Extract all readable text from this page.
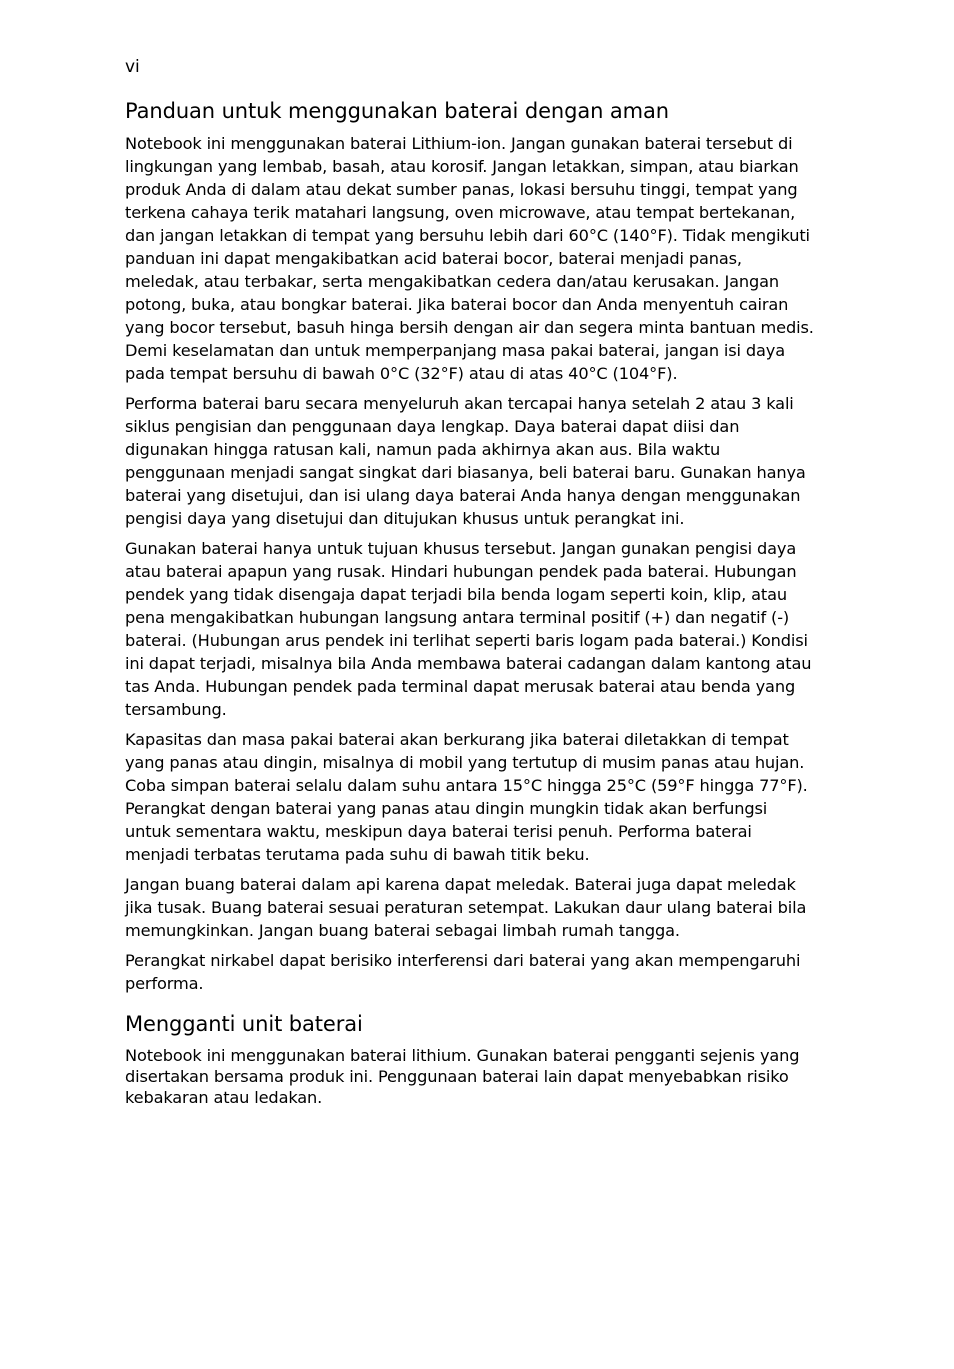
vi
Panduan untuk menggunakan baterai dengan aman

Notebook ini menggunakan baterai Lithium-ion. Jangan gunakan baterai tersebut di lingkungan yang lembab, basah, atau korosif. Jangan letakkan, simpan, atau biarkan produk Anda di dalam atau dekat sumber panas, lokasi bersuhu tinggi, tempat yang terkena cahaya terik matahari langsung, oven microwave, atau tempat bertekanan, dan jangan letakkan di tempat yang bersuhu lebih dari 60°C (140°F). Tidak mengikuti panduan ini dapat mengakibatkan acid baterai bocor, baterai menjadi panas, meledak, atau terbakar, serta mengakibatkan cedera dan/atau kerusakan. Jangan potong, buka, atau bongkar baterai. Jika baterai bocor dan Anda menyentuh cairan yang bocor tersebut, basuh hinga bersih dengan air dan segera minta bantuan medis. Demi keselamatan dan untuk memperpanjang masa pakai baterai, jangan isi daya pada tempat bersuhu di bawah 0°C (32°F) atau di atas 40°C (104°F).

Performa baterai baru secara menyeluruh akan tercapai hanya setelah 2 atau 3 kali siklus pengisian dan penggunaan daya lengkap. Daya baterai dapat diisi dan digunakan hingga ratusan kali, namun pada akhirnya akan aus. Bila waktu penggunaan menjadi sangat singkat dari biasanya, beli baterai baru. Gunakan hanya baterai yang disetujui, dan isi ulang daya baterai Anda hanya dengan menggunakan pengisi daya yang disetujui dan ditujukan khusus untuk perangkat ini.

Gunakan baterai hanya untuk tujuan khusus tersebut. Jangan gunakan pengisi daya atau baterai apapun yang rusak. Hindari hubungan pendek pada baterai. Hubungan pendek yang tidak disengaja dapat terjadi bila benda logam seperti koin, klip, atau pena mengakibatkan hubungan langsung antara terminal positif (+) dan negatif (-) baterai. (Hubungan arus pendek ini terlihat seperti baris logam pada baterai.) Kondisi ini dapat terjadi, misalnya bila Anda membawa baterai cadangan dalam kantong atau tas Anda. Hubungan pendek pada terminal dapat merusak baterai atau benda yang tersambung.

Kapasitas dan masa pakai baterai akan berkurang jika baterai diletakkan di tempat yang panas atau dingin, misalnya di mobil yang tertutup di musim panas atau hujan. Coba simpan baterai selalu dalam suhu antara 15°C hingga 25°C (59°F hingga 77°F). Perangkat dengan baterai yang panas atau dingin mungkin tidak akan berfungsi untuk sementara waktu, meskipun daya baterai terisi penuh. Performa baterai menjadi terbatas terutama pada suhu di bawah titik beku.

Jangan buang baterai dalam api karena dapat meledak. Baterai juga dapat meledak jika tusak. Buang baterai sesuai peraturan setempat. Lakukan daur ulang baterai bila memungkinkan. Jangan buang baterai sebagai limbah rumah tangga.

Perangkat nirkabel dapat berisiko interferensi dari baterai yang akan mempengaruhi performa.

Mengganti unit baterai

Notebook ini menggunakan baterai lithium. Gunakan baterai pengganti sejenis yang disertakan bersama produk ini. Penggunaan baterai lain dapat menyebabkan risiko kebakaran atau ledakan.
